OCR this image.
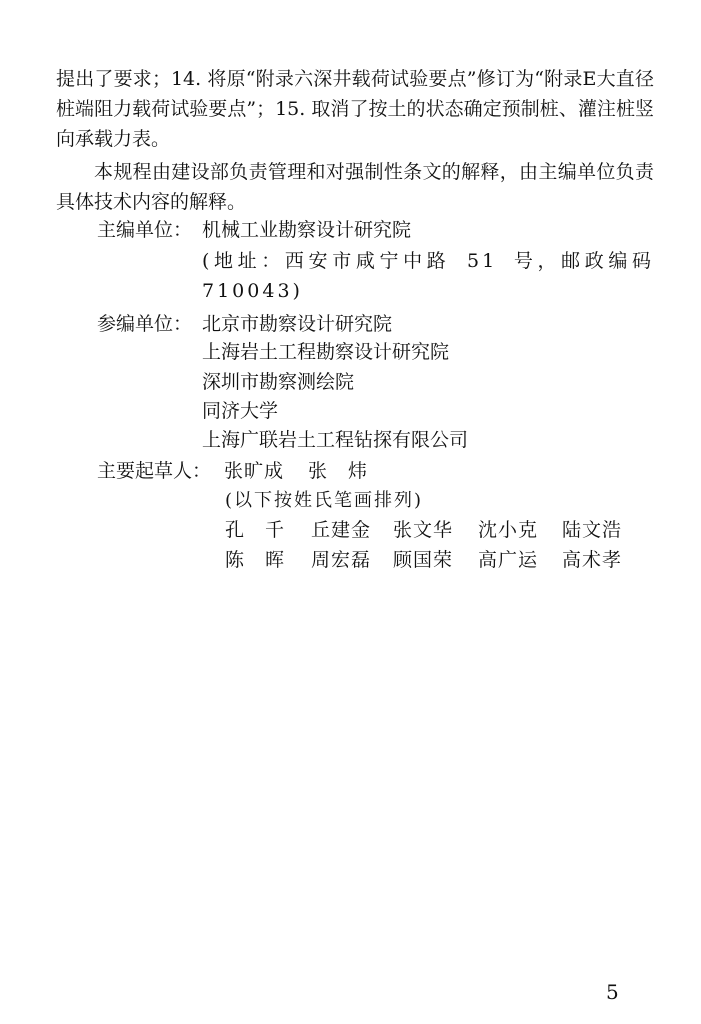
提出了要求；14. 将原“附录六深井载荷试验要点”修订为“附录E大直径桩端阻力载荷试验要点”；15. 取消了按土的状态确定预制桩、灌注桩竖向承载力表。
本规程由建设部负责管理和对强制性条文的解释，由主编单位负责具体技术内容的解释。
主编单位： 机械工业勘察设计研究院
(地址：西安市咸宁中路 51 号，邮政编码 710043)
参编单位： 北京市勘察设计研究院
上海岩土工程勘察设计研究院
深圳市勘察测绘院
同济大学
上海广联岩土工程钻探有限公司
主要起草人： 张旷成 张　炜
(以下按姓氏笔画排列)
孔　千 丘建金 张文华 沈小克 陆文浩
陈　晖 周宏磊 顾国荣 高广运 高术孝
5
